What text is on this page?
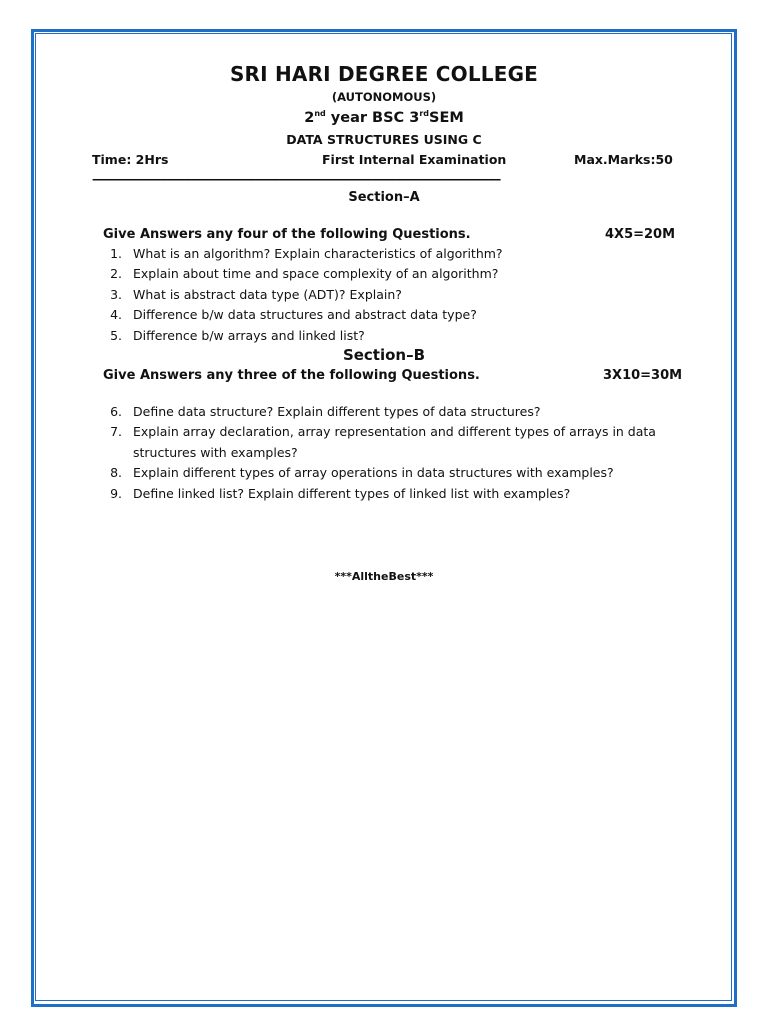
SRI HARI DEGREE COLLEGE
(AUTONOMOUS)
2nd year BSC 3rdSEM
DATA STRUCTURES USING C
Time: 2Hrs	First Internal Examination	Max.Marks:50
-------------------------------------------------------------------------------------------------------------------------------------
Section–A
Give Answers any four of the following Questions.	4X5=20M
1. What is an algorithm? Explain characteristics of algorithm?
2. Explain about time and space complexity of an algorithm?
3. What is abstract data type (ADT)? Explain?
4. Difference b/w data structures and abstract data type?
5. Difference b/w arrays and linked list?
Section–B
Give Answers any three of the following Questions.	3X10=30M
6. Define data structure? Explain different types of data structures?
7. Explain array declaration, array representation and different types of arrays in data
structures with examples?
8. Explain different types of array operations in data structures with examples?
9. Define linked list? Explain different types of linked list with examples?
***AlltheBest***
